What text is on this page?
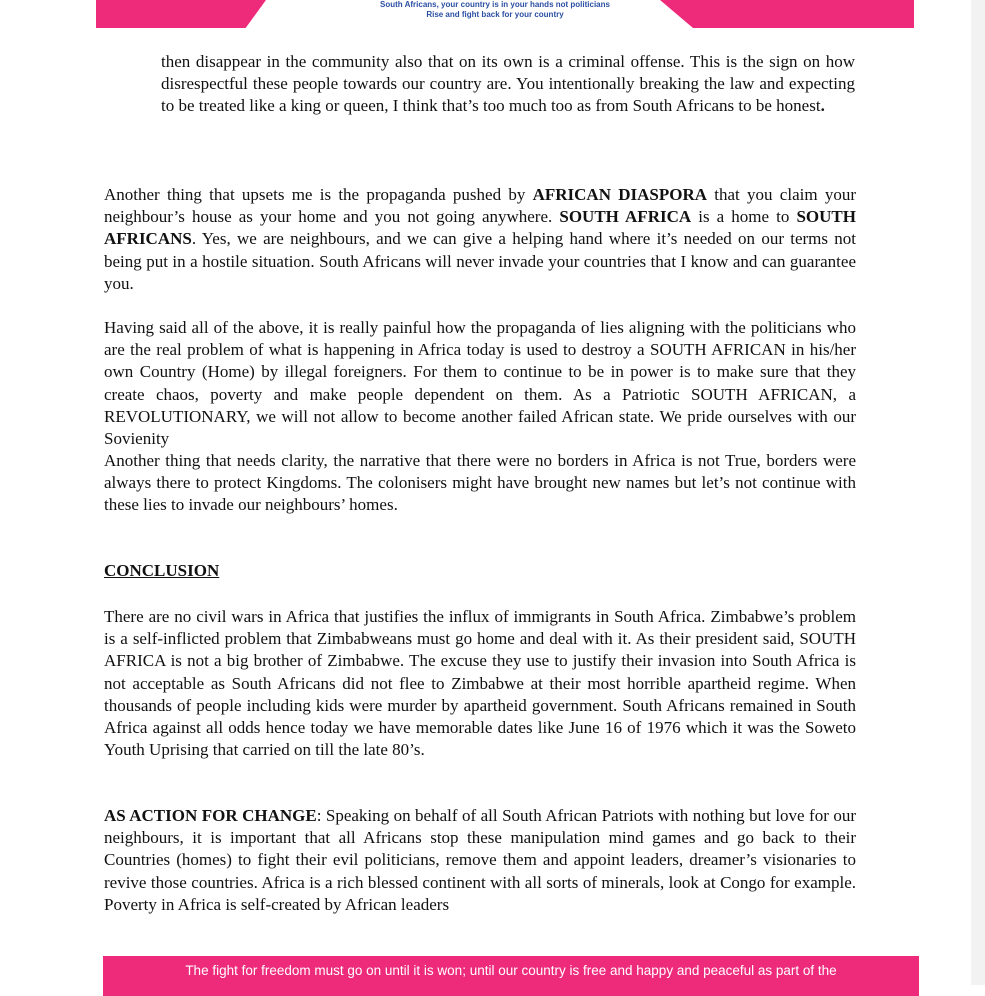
South Africans, your country is in your hands not politicians
Rise and fight back for your country
then disappear in the community also that on its own is a criminal offense. This is the sign on how disrespectful these people towards our country are. You intentionally breaking the law and expecting to be treated like a king or queen, I think that’s too much too as from South Africans to be honest.
Another thing that upsets me is the propaganda pushed by AFRICAN DIASPORA that you claim your neighbour’s house as your home and you not going anywhere. SOUTH AFRICA is a home to SOUTH AFRICANS. Yes, we are neighbours, and we can give a helping hand where it’s needed on our terms not being put in a hostile situation. South Africans will never invade your countries that I know and can guarantee you.
Having said all of the above, it is really painful how the propaganda of lies aligning with the politicians who are the real problem of what is happening in Africa today is used to destroy a SOUTH AFRICAN in his/her own Country (Home) by illegal foreigners. For them to continue to be in power is to make sure that they create chaos, poverty and make people dependent on them. As a Patriotic SOUTH AFRICAN, a REVOLUTIONARY, we will not allow to become another failed African state. We pride ourselves with our Sovienity
Another thing that needs clarity, the narrative that there were no borders in Africa is not True, borders were always there to protect Kingdoms. The colonisers might have brought new names but let’s not continue with these lies to invade our neighbours’ homes.
CONCLUSION
There are no civil wars in Africa that justifies the influx of immigrants in South Africa. Zimbabwe’s problem is a self-inflicted problem that Zimbabweans must go home and deal with it. As their president said, SOUTH AFRICA is not a big brother of Zimbabwe. The excuse they use to justify their invasion into South Africa is not acceptable as South Africans did not flee to Zimbabwe at their most horrible apartheid regime. When thousands of people including kids were murder by apartheid government. South Africans remained in South Africa against all odds hence today we have memorable dates like June 16 of 1976 which it was the Soweto Youth Uprising that carried on till the late 80’s.
AS ACTION FOR CHANGE: Speaking on behalf of all South African Patriots with nothing but love for our neighbours, it is important that all Africans stop these manipulation mind games and go back to their Countries (homes) to fight their evil politicians, remove them and appoint leaders, dreamer’s visionaries to revive those countries. Africa is a rich blessed continent with all sorts of minerals, look at Congo for example. Poverty in Africa is self-created by African leaders
The fight for freedom must go on until it is won; until our country is free and happy and peaceful as part of the
